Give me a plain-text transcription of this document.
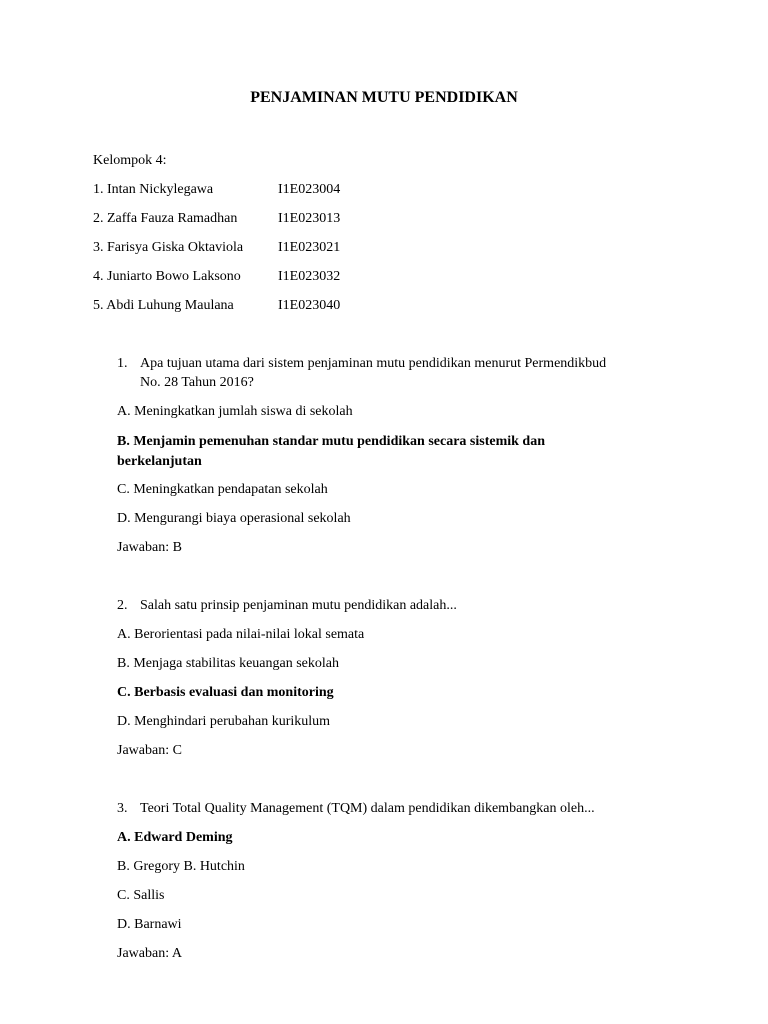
PENJAMINAN MUTU PENDIDIKAN
Kelompok 4:
1. Intan Nickylegawa	I1E023004
2. Zaffa Fauza Ramadhan	I1E023013
3. Farisya Giska Oktaviola I1E023021
4. Juniarto Bowo Laksono	I1E023032
5. Abdi Luhung Maulana	I1E023040
1. Apa tujuan utama dari sistem penjaminan mutu pendidikan menurut Permendikbud
No. 28 Tahun 2016?
A. Meningkatkan jumlah siswa di sekolah
B. Menjamin pemenuhan standar mutu pendidikan secara sistemik dan
berkelanjutan
C. Meningkatkan pendapatan sekolah
D. Mengurangi biaya operasional sekolah
Jawaban: B
2. Salah satu prinsip penjaminan mutu pendidikan adalah...
A. Berorientasi pada nilai-nilai lokal semata
B. Menjaga stabilitas keuangan sekolah
C. Berbasis evaluasi dan monitoring
D. Menghindari perubahan kurikulum
Jawaban: C
3. Teori Total Quality Management (TQM) dalam pendidikan dikembangkan oleh...
A. Edward Deming
B. Gregory B. Hutchin
C. Sallis
D. Barnawi
Jawaban: A
